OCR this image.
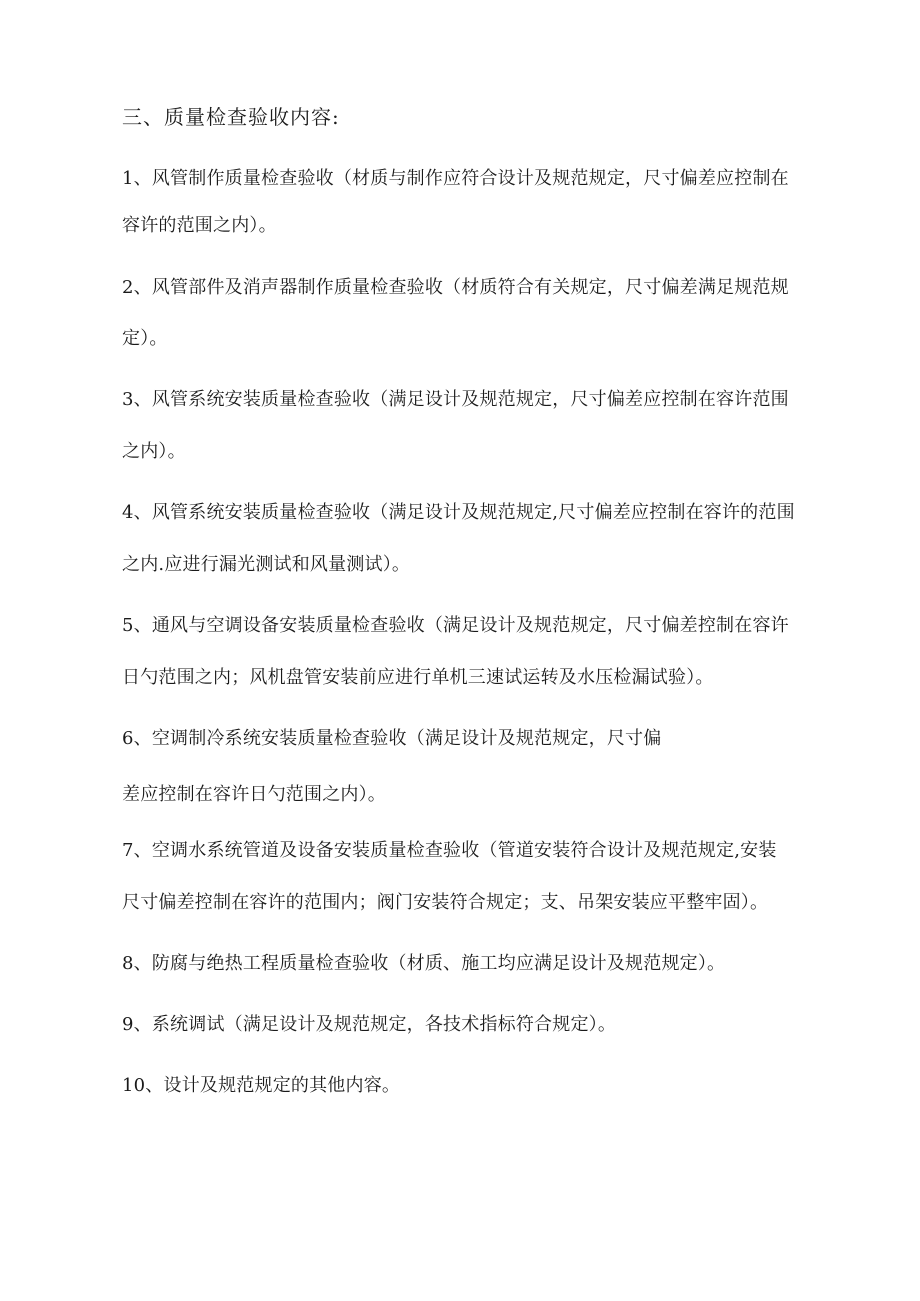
三、质量检查验收内容:
1、风管制作质量检查验收（材质与制作应符合设计及规范规定，尺寸偏差应控制在
容许的范围之内）。
2、风管部件及消声器制作质量检查验收（材质符合有关规定，尺寸偏差满足规范规
定）。
3、风管系统安装质量检查验收（满足设计及规范规定，尺寸偏差应控制在容许范围
之内）。
4、风管系统安装质量检查验收（满足设计及规范规定,尺寸偏差应控制在容许的范围
之内.应进行漏光测试和风量测试）。
5、通风与空调设备安装质量检查验收（满足设计及规范规定，尺寸偏差控制在容许
日勺范围之内；风机盘管安装前应进行单机三速试运转及水压检漏试验）。
6、空调制冷系统安装质量检查验收（满足设计及规范规定，尺寸偏
差应控制在容许日勺范围之内）。
7、空调水系统管道及设备安装质量检查验收（管道安装符合设计及规范规定,安装
尺寸偏差控制在容许的范围内；阀门安装符合规定；支、吊架安装应平整牢固）。
8、防腐与绝热工程质量检查验收（材质、施工均应满足设计及规范规定）。
9、系统调试（满足设计及规范规定，各技术指标符合规定）。
10、设计及规范规定的其他内容。
